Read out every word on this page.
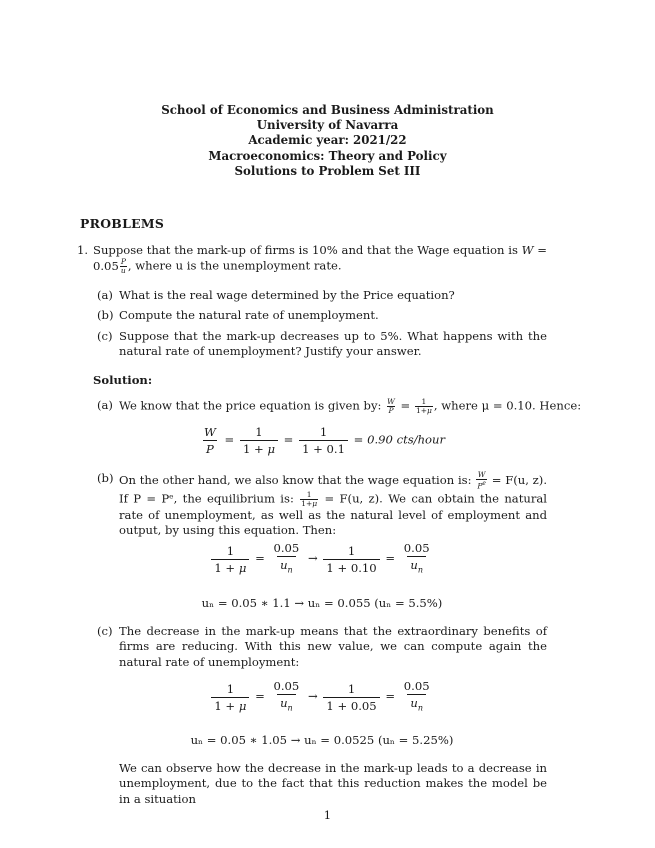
School of Economics and Business Administration
University of Navarra
Academic year: 2021/22
Macroeconomics: Theory and Policy
Solutions to Problem Set III
PROBLEMS
1. Suppose that the mark-up of firms is 10% and that the Wage equation is $W = 0.05 \frac{P}{u}$ , where u is the unemployment rate.
(a) What is the real wage determined by the Price equation?
(b) Compute the natural rate of unemployment.
(c) Suppose that the mark-up decreases up to 5%. What happens with the natural rate of unemployment? Justify your answer.
Solution:
(a) We know that the price equation is given by: $\frac{W}{P} = \frac{1}{1+\mu}$ , where μ = 0.10. Hence:
$\frac{W}{P} = \frac{1}{1 + \mu} = \frac{1}{1 + 0.1} = 0.90$ cts/hour
(b) On the other hand, we also know that the wage equation is: $\frac{W}{P^e} = F(u$, z). If P = Pᵉ, the equilibrium is: $\frac{1}{1+\mu} = F(u$, z). We can obtain the natural rate of unemployment, as well as the natural level of employment and output, by using this equation. Then:
$\frac{1}{1 + \mu} = \frac{0.05}{u_n} \to \frac{1}{1 + 0.10} = \frac{0.05}{u_n}$
uₙ = 0.05 ∗ 1.1 → uₙ = 0.055 (uₙ = 5.5%)
(c) The decrease in the mark-up means that the extraordinary benefits of firms are reducing. With this new value, we can compute again the natural rate of unemployment:
$\frac{1}{1 + \mu} = \frac{0.05}{u_n} \to \frac{1}{1 + 0.05} = \frac{0.05}{u_n}$
uₙ = 0.05 ∗ 1.05 → uₙ = 0.0525 (uₙ = 5.25%)
We can observe how the decrease in the mark-up leads to a decrease in unemployment, due to the fact that this reduction makes the model be in a situation
1
